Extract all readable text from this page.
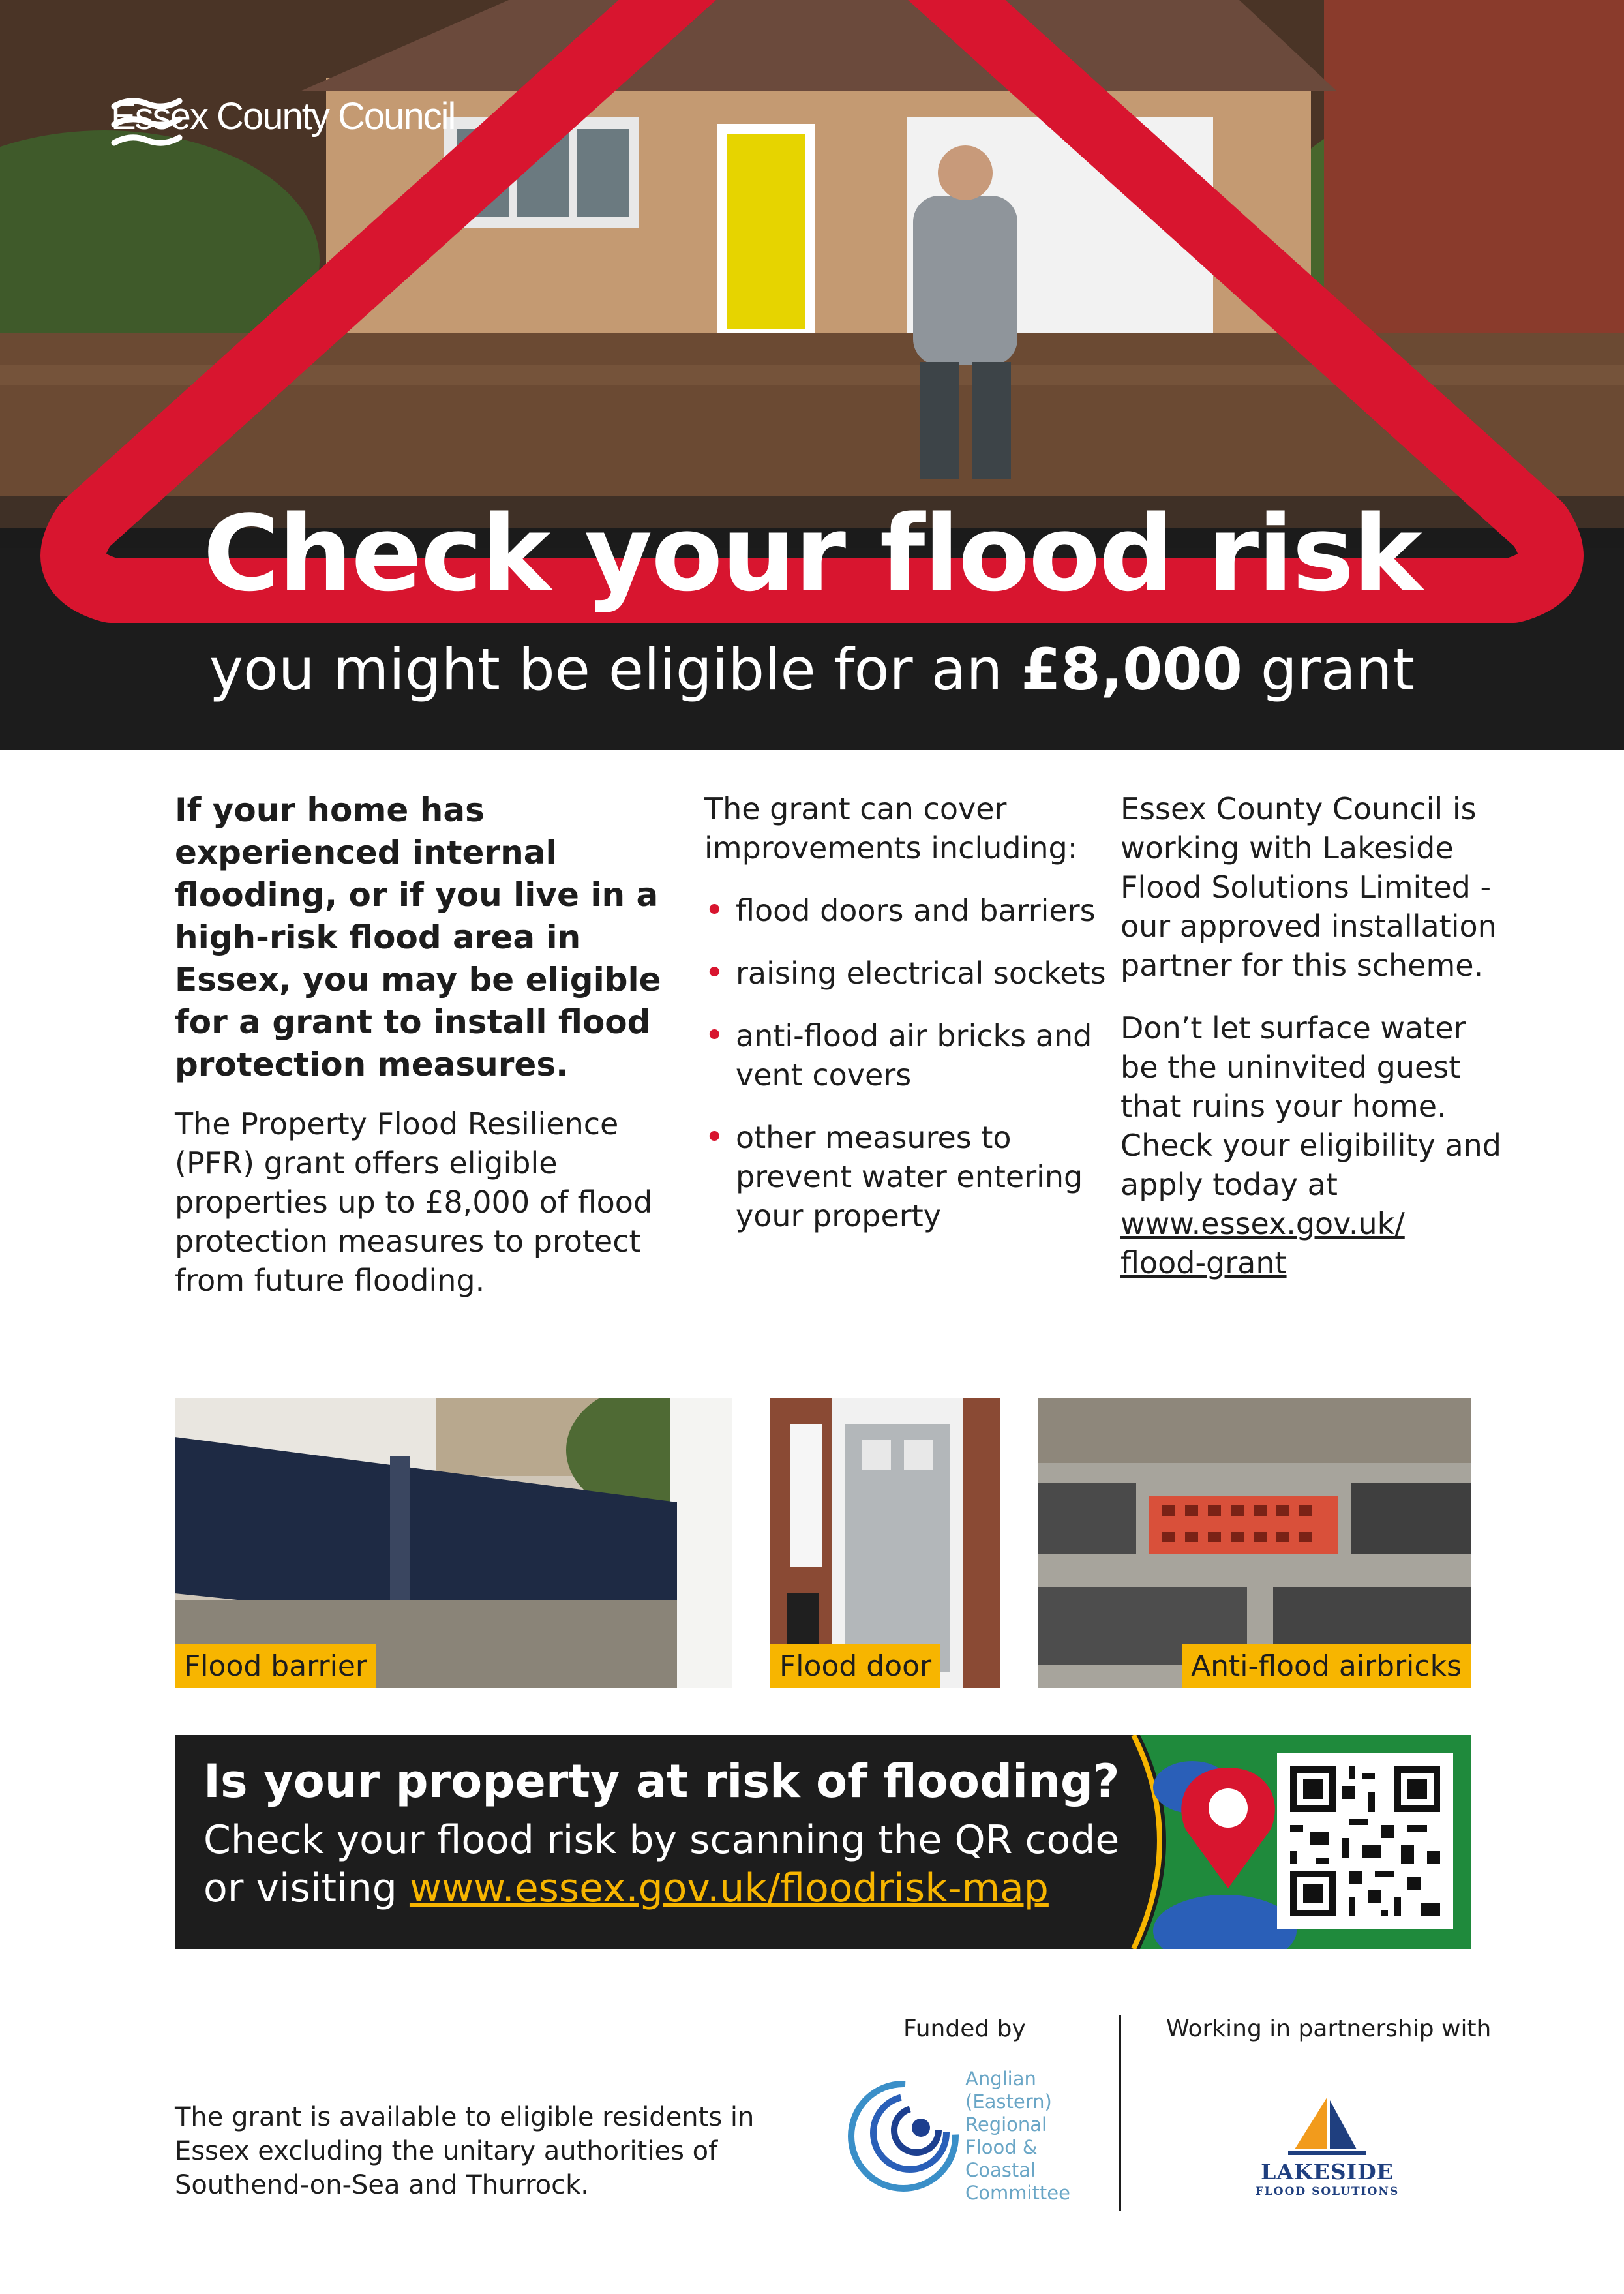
Essex County Council
Check your flood risk
you might be eligible for an £8,000 grant

If your home has experienced internal flooding, or if you live in a high-risk flood area in Essex, you may be eligible for a grant to install flood protection measures.

The Property Flood Resilience (PFR) grant offers eligible properties up to £8,000 of flood protection measures to protect from future flooding.

The grant can cover improvements including:
• flood doors and barriers
• raising electrical sockets
• anti-flood air bricks and vent covers
• other measures to prevent water entering your property

Essex County Council is working with Lakeside Flood Solutions Limited - our approved installation partner for this scheme.

Don’t let surface water be the uninvited guest that ruins your home. Check your eligibility and apply today at
www.essex.gov.uk/
flood-grant

Flood barrier	Flood door	Anti-flood airbricks
Is your property at risk of flooding?
Check your flood risk by scanning the QR code
or visiting www.essex.gov.uk/floodrisk-map
The grant is available to eligible residents in Essex excluding the unitary authorities of Southend-on-Sea and Thurrock.
Funded by
Anglian
(Eastern)
Regional
Flood &
Coastal
Committee
Working in partnership with
LAKESIDE
FLOOD SOLUTIONS
